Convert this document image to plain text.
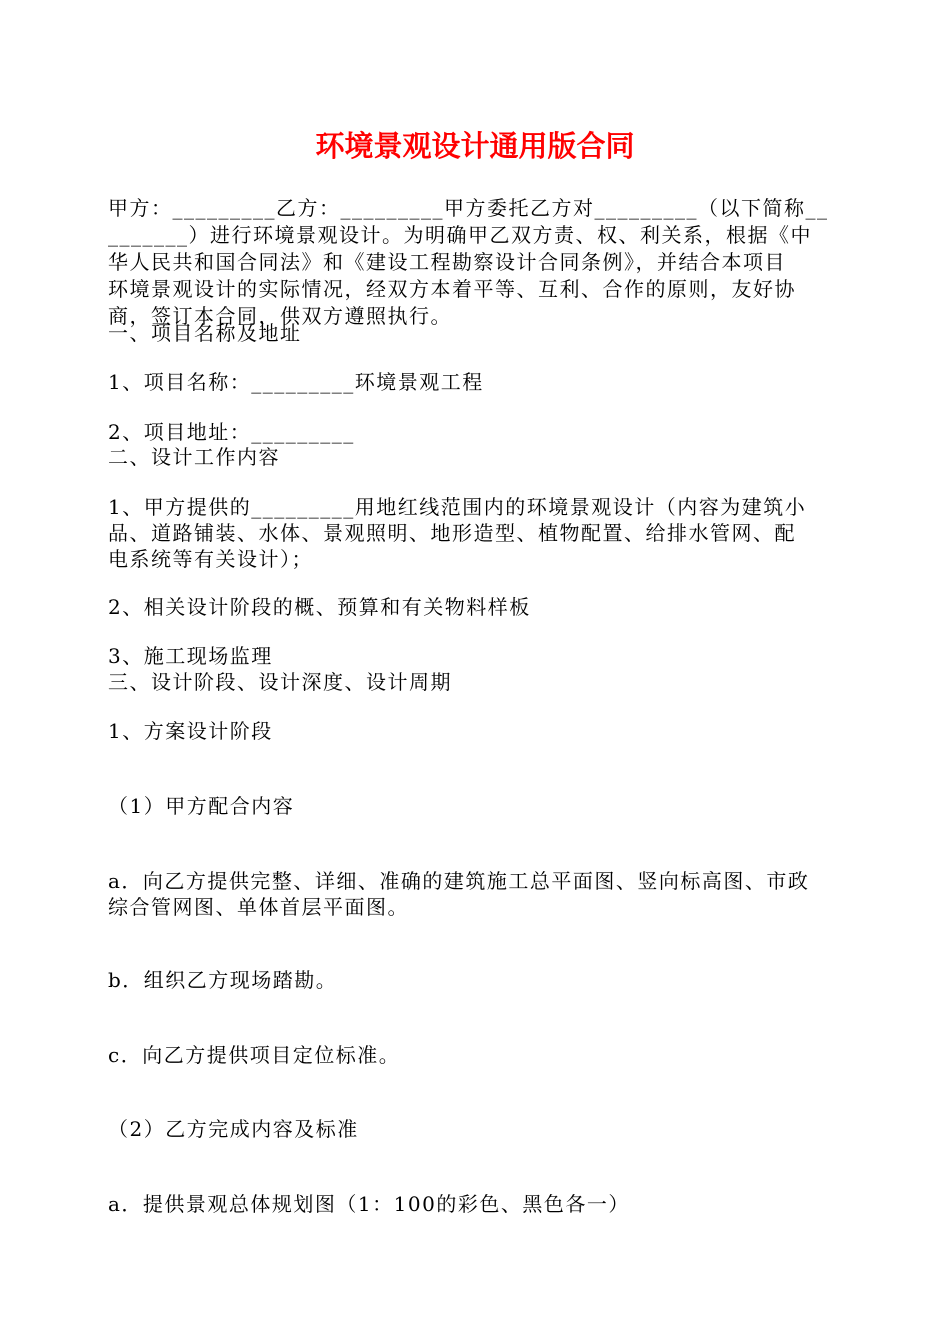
环境景观设计通用版合同
甲方：_________乙方：_________甲方委托乙方对_________（以下简称__
_______）进行环境景观设计。为明确甲乙双方责、权、利关系，根据《中
华人民共和国合同法》和《建设工程勘察设计合同条例》，并结合本项目
环境景观设计的实际情况，经双方本着平等、互利、合作的原则，友好协
商，签订本合同，供双方遵照执行。
一、项目名称及地址
1、项目名称：_________环境景观工程
2、项目地址：_________
二、设计工作内容
1、甲方提供的_________用地红线范围内的环境景观设计（内容为建筑小
品、道路铺装、水体、景观照明、地形造型、植物配置、给排水管网、配
电系统等有关设计）；
2、相关设计阶段的概、预算和有关物料样板
3、施工现场监理
三、设计阶段、设计深度、设计周期
1、方案设计阶段
（1）甲方配合内容
a．向乙方提供完整、详细、准确的建筑施工总平面图、竖向标高图、市政
综合管网图、单体首层平面图。
b．组织乙方现场踏勘。
c．向乙方提供项目定位标准。
（2）乙方完成内容及标准
a．提供景观总体规划图（1：100的彩色、黑色各一）
